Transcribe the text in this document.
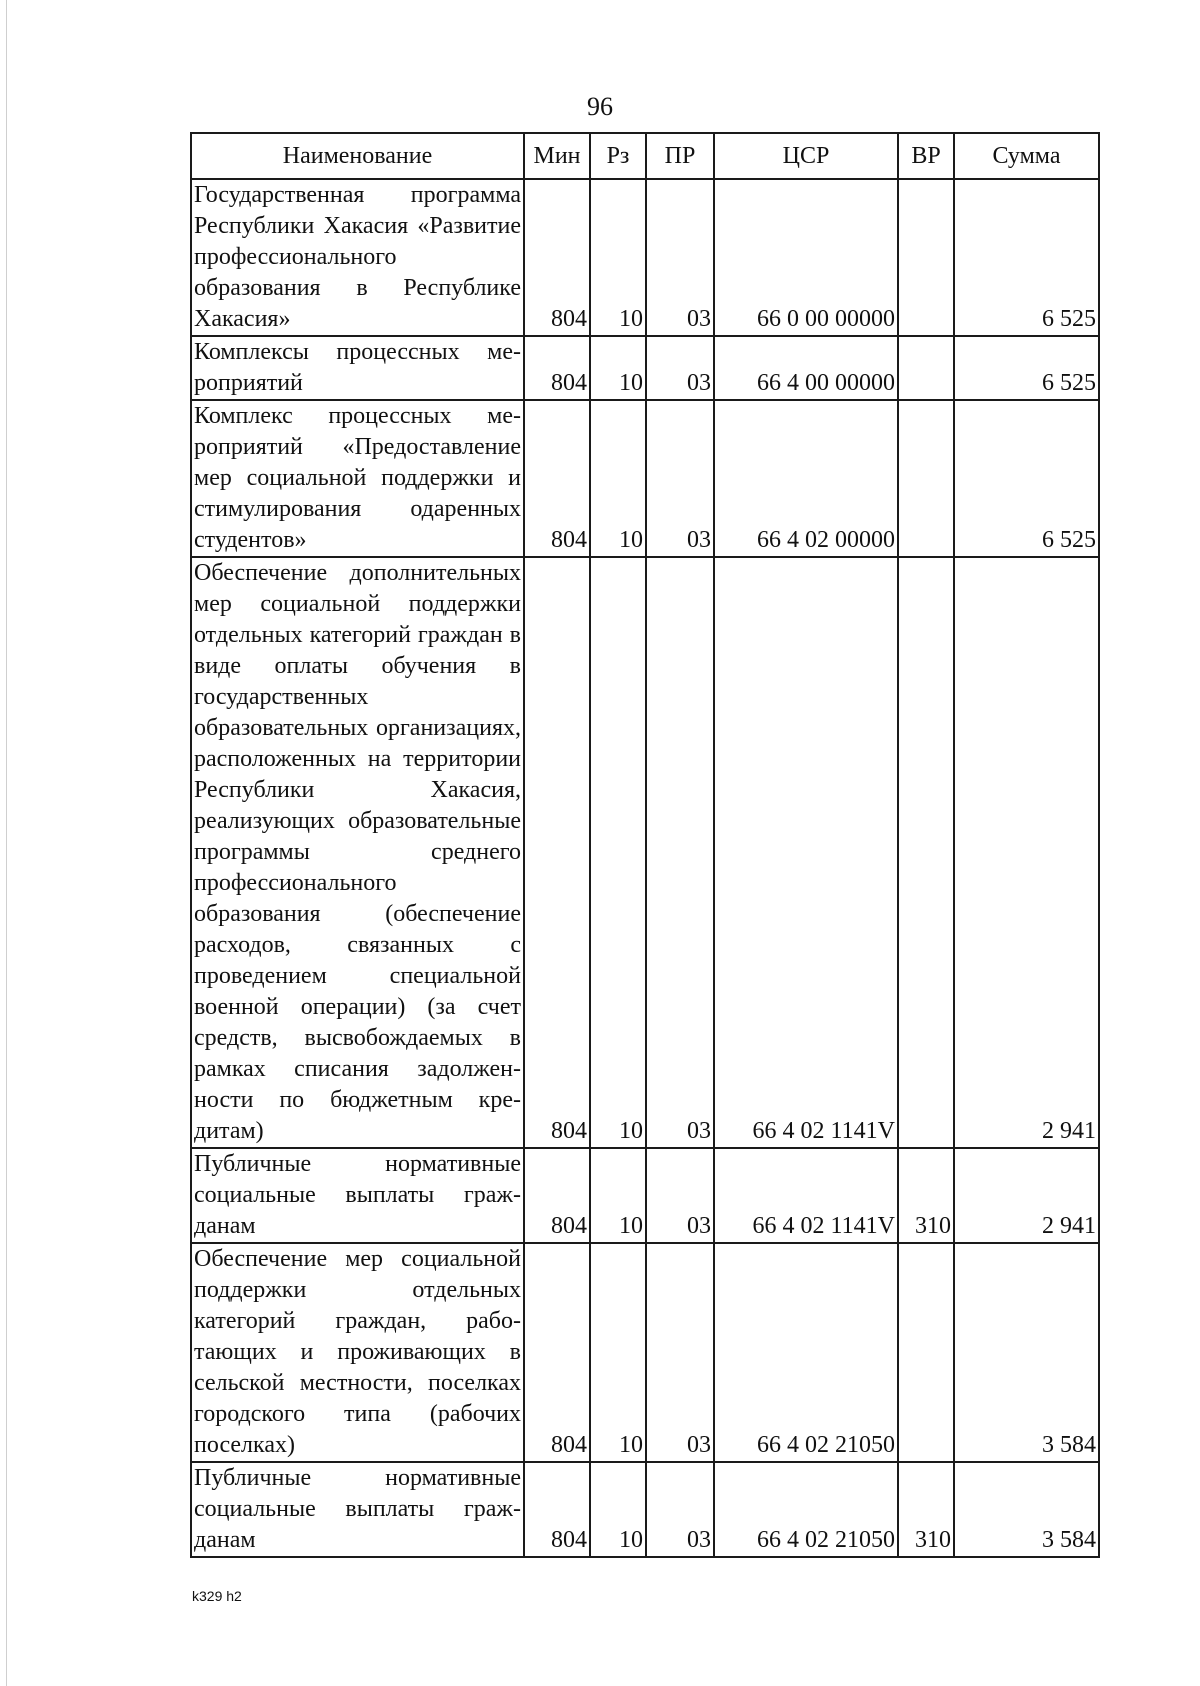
96
Наименование	Мин	Рз	ПР	ЦСР	ВР	Сумма
Государственная программа Республики Хакасия «Развитие профессионального образования в Республике Хакасия»	804	10	03	66 0 00 00000		6 525
Комплексы процессных мероприятий	804	10	03	66 4 00 00000		6 525
Комплекс процессных мероприятий «Предоставление мер социальной поддержки и стимулирования одаренных студентов»	804	10	03	66 4 02 00000		6 525
Обеспечение дополнительных мер социальной поддержки отдельных категорий граждан в виде оплаты обучения в государственных образовательных организациях, расположенных на территории Республики Хакасия, реализующих образовательные программы среднего профессионального образования (обеспечение расходов, связанных с проведением специальной военной операции) (за счет средств, высвобождаемых в рамках списания задолженности по бюджетным кредитам)	804	10	03	66 4 02 1141V		2 941
Публичные нормативные социальные выплаты гражданам	804	10	03	66 4 02 1141V	310	2 941
Обеспечение мер социальной поддержки отдельных категорий граждан, работающих и проживающих в сельской местности, поселках городского типа (рабочих поселках)	804	10	03	66 4 02 21050		3 584
Публичные нормативные социальные выплаты гражданам	804	10	03	66 4 02 21050	310	3 584
k329 h2
